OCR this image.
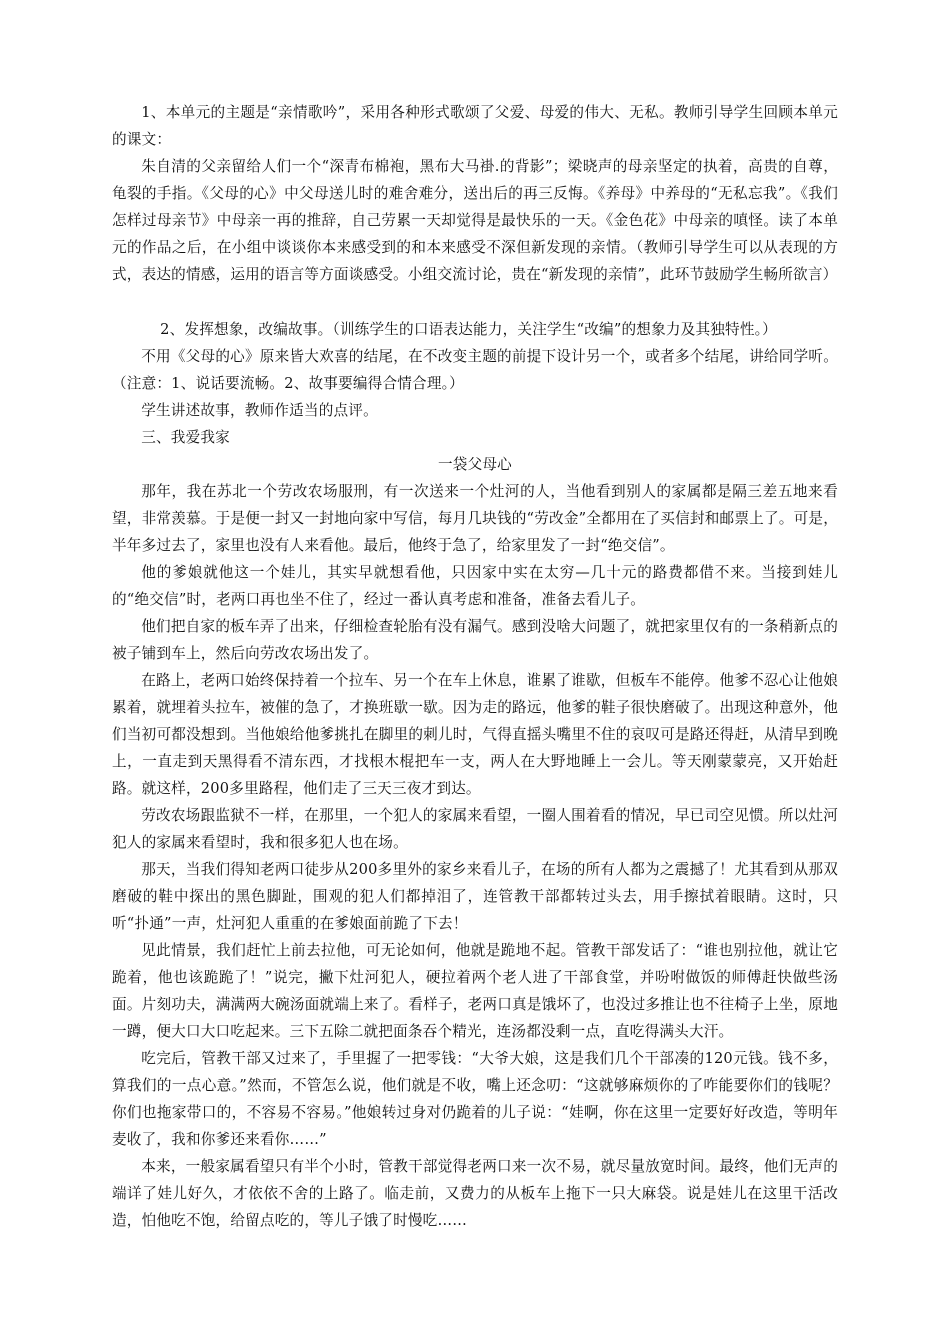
1、本单元的主题是“亲情歌吟”，采用各种形式歌颂了父爱、母爱的伟大、无私。教师引导学生回顾本单元的课文：

朱自清的父亲留给人们一个“深青布棉袍，黑布大马褂.的背影”；梁晓声的母亲坚定的执着，高贵的自尊，龟裂的手指。《父母的心》中父母送儿时的难舍难分，送出后的再三反悔。《养母》中养母的“无私忘我”。《我们怎样过母亲节》中母亲一再的推辞，自己劳累一天却觉得是最快乐的一天。《金色花》中母亲的嗔怪。读了本单元的作品之后，在小组中谈谈你本来感受到的和本来感受不深但新发现的亲情。（教师引导学生可以从表现的方式，表达的情感，运用的语言等方面谈感受。小组交流讨论，贵在“新发现的亲情”，此环节鼓励学生畅所欲言）

2、发挥想象，改编故事。（训练学生的口语表达能力，关注学生“改编”的想象力及其独特性。）

不用《父母的心》原来皆大欢喜的结尾，在不改变主题的前提下设计另一个，或者多个结尾，讲给同学听。（注意：1、说话要流畅。2、故事要编得合情合理。）

学生讲述故事，教师作适当的点评。

三、我爱我家

一袋父母心

那年，我在苏北一个劳改农场服刑，有一次送来一个灶河的人，当他看到别人的家属都是隔三差五地来看望，非常羡慕。于是便一封又一封地向家中写信，每月几块钱的“劳改金”全都用在了买信封和邮票上了。可是，半年多过去了，家里也没有人来看他。最后，他终于急了，给家里发了一封“绝交信”。

他的爹娘就他这一个娃儿，其实早就想看他，只因家中实在太穷—几十元的路费都借不来。当接到娃儿的“绝交信”时，老两口再也坐不住了，经过一番认真考虑和准备，准备去看儿子。

他们把自家的板车弄了出来，仔细检查轮胎有没有漏气。感到没啥大问题了，就把家里仅有的一条稍新点的被子铺到车上，然后向劳改农场出发了。

在路上，老两口始终保持着一个拉车、另一个在车上休息，谁累了谁歇，但板车不能停。他爹不忍心让他娘累着，就埋着头拉车，被催的急了，才换班歇一歇。因为走的路远，他爹的鞋子很快磨破了。出现这种意外，他们当初可都没想到。当他娘给他爹挑扎在脚里的刺儿时，气得直摇头嘴里不住的哀叹可是路还得赶，从清早到晚上，一直走到天黑得看不清东西，才找根木棍把车一支，两人在大野地睡上一会儿。等天刚蒙蒙亮，又开始赶路。就这样，200多里路程，他们走了三天三夜才到达。

劳改农场跟监狱不一样，在那里，一个犯人的家属来看望，一圈人围着看的情况，早已司空见惯。所以灶河犯人的家属来看望时，我和很多犯人也在场。

那天，当我们得知老两口徒步从200多里外的家乡来看儿子，在场的所有人都为之震撼了！尤其看到从那双磨破的鞋中探出的黑色脚趾，围观的犯人们都掉泪了，连管教干部都转过头去，用手擦拭着眼睛。这时，只听“扑通”一声，灶河犯人重重的在爹娘面前跪了下去！

见此情景，我们赶忙上前去拉他，可无论如何，他就是跪地不起。管教干部发话了：“谁也别拉他，就让它跪着，他也该跪跪了！”说完，撇下灶河犯人，硬拉着两个老人进了干部食堂，并吩咐做饭的师傅赶快做些汤面。片刻功夫，满满两大碗汤面就端上来了。看样子，老两口真是饿坏了，也没过多推让也不往椅子上坐，原地一蹲，便大口大口吃起来。三下五除二就把面条吞个精光，连汤都没剩一点，直吃得满头大汗。

吃完后，管教干部又过来了，手里握了一把零钱：“大爷大娘，这是我们几个干部凑的120元钱。钱不多，算我们的一点心意。”然而，不管怎么说，他们就是不收，嘴上还念叨：“这就够麻烦你的了咋能要你们的钱呢？你们也拖家带口的，不容易不容易。”他娘转过身对仍跪着的儿子说：“娃啊，你在这里一定要好好改造，等明年麦收了，我和你爹还来看你……”

本来，一般家属看望只有半个小时，管教干部觉得老两口来一次不易，就尽量放宽时间。最终，他们无声的端详了娃儿好久，才依依不舍的上路了。临走前，又费力的从板车上拖下一只大麻袋。说是娃儿在这里干活改造，怕他吃不饱，给留点吃的，等儿子饿了时慢吃……
